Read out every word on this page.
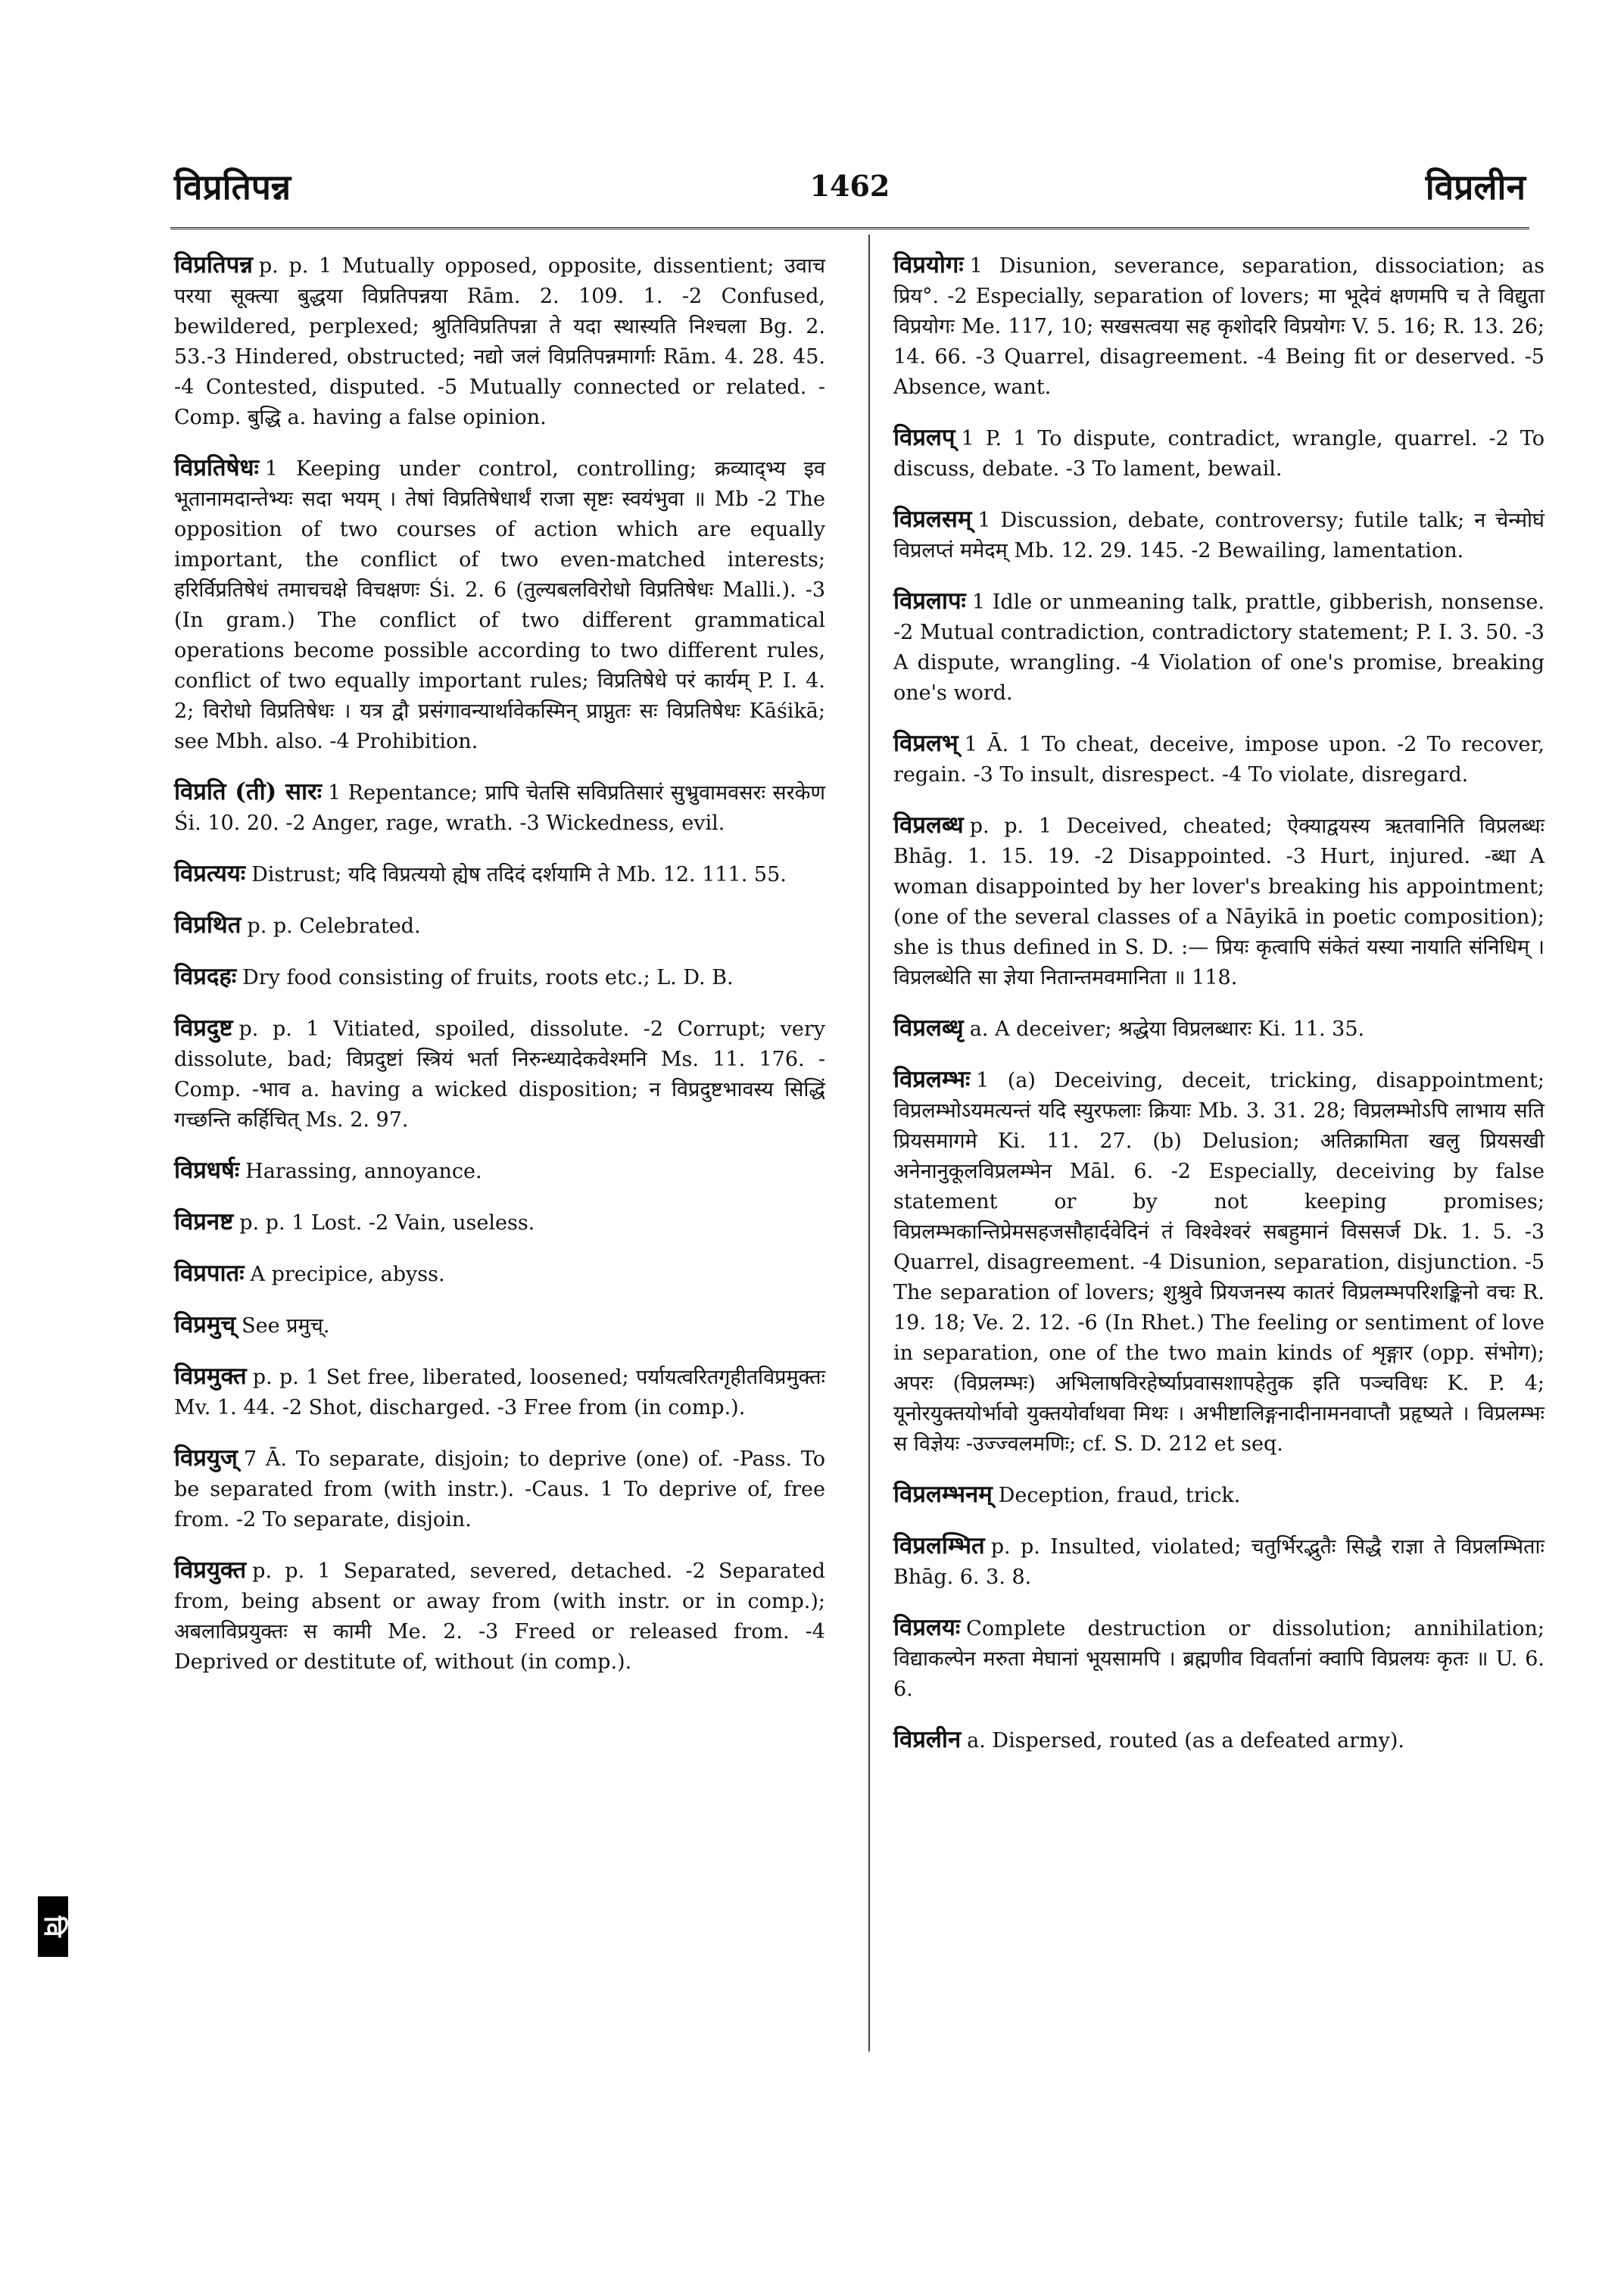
विप्रतिपन्न	1462	विप्रलीन

विप्रतिपन्न p. p. 1 Mutually opposed, opposite, dissentient; उवाच परया सूक्त्या बुद्धया विप्रतिपन्नया Rām. 2. 109. 1. -2 Confused, bewildered, perplexed; श्रुतिविप्रतिपन्ना ते यदा स्थास्यति निश्चला Bg. 2. 53.-3 Hindered, obstructed; नद्यो जलं विप्रतिपन्नमार्गाः Rām. 4. 28. 45. -4 Contested, disputed. -5 Mutually connected or related. -Comp. बुद्धि a. having a false opinion.

विप्रतिषेधः 1 Keeping under control, controlling; क्रव्याद्भ्य इव भूतानामदान्तेभ्यः सदा भयम् । तेषां विप्रतिषेधार्थं राजा सृष्टः स्वयंभुवा ॥ Mb -2 The opposition of two courses of action which are equally important, the conflict of two even-matched interests; हरिर्विप्रतिषेधं तमाचचक्षे विचक्षणः Śi. 2. 6 (तुल्यबलविरोधो विप्रतिषेधः Malli.). -3 (In gram.) The conflict of two different grammatical operations become possible according to two different rules, conflict of two equally important rules; विप्रतिषेधे परं कार्यम् P. I. 4. 2; विरोधो विप्रतिषेधः । यत्र द्वौ प्रसंगावन्यार्थावेकस्मिन् प्राप्नुतः सः विप्रतिषेधः Kāśikā; see Mbh. also. -4 Prohibition.

विप्रति (ती) सारः 1 Repentance; प्रापि चेतसि सविप्रतिसारं सुभ्रुवामवसरः सरकेण Śi. 10. 20. -2 Anger, rage, wrath. -3 Wickedness, evil.

विप्रत्ययः Distrust; यदि विप्रत्ययो ह्येष तदिदं दर्शयामि ते Mb. 12. 111. 55.

विप्रथित p. p. Celebrated.

विप्रदहः Dry food consisting of fruits, roots etc.; L. D. B.

विप्रदुष्ट p. p. 1 Vitiated, spoiled, dissolute. -2 Corrupt; very dissolute, bad; विप्रदुष्टां स्त्रियं भर्ता निरुन्ध्यादेकवेश्मनि Ms. 11. 176. -Comp. -भाव a. having a wicked disposition; न विप्रदुष्टभावस्य सिद्धिं गच्छन्ति कर्हिचित् Ms. 2. 97.

विप्रधर्षः Harassing, annoyance.

विप्रनष्ट p. p. 1 Lost. -2 Vain, useless.

विप्रपातः A precipice, abyss.

विप्रमुच् See प्रमुच्.

विप्रमुक्त p. p. 1 Set free, liberated, loosened; पर्यायत्वरितगृहीतविप्रमुक्तः Mv. 1. 44. -2 Shot, discharged. -3 Free from (in comp.).

विप्रयुज् 7 Ā. To separate, disjoin; to deprive (one) of. -Pass. To be separated from (with instr.). -Caus. 1 To deprive of, free from. -2 To separate, disjoin.

विप्रयुक्त p. p. 1 Separated, severed, detached. -2 Separated from, being absent or away from (with instr. or in comp.); अबलाविप्रयुक्तः स कामी Me. 2. -3 Freed or released from. -4 Deprived or destitute of, without (in comp.).

विप्रयोगः 1 Disunion, severance, separation, dissociation; as प्रिय°. -2 Especially, separation of lovers; मा भूदेवं क्षणमपि च ते विद्युता विप्रयोगः Me. 117, 10; सखसत्वया सह कृशोदरि विप्रयोगः V. 5. 16; R. 13. 26; 14. 66. -3 Quarrel, disagreement. -4 Being fit or deserved. -5 Absence, want.

विप्रलप् 1 P. 1 To dispute, contradict, wrangle, quarrel. -2 To discuss, debate. -3 To lament, bewail.

विप्रलसम् 1 Discussion, debate, controversy; futile talk; न चेन्मोघं विप्रलप्तं ममेदम् Mb. 12. 29. 145. -2 Bewailing, lamentation.

विप्रलापः 1 Idle or unmeaning talk, prattle, gibberish, nonsense. -2 Mutual contradiction, contradictory statement; P. I. 3. 50. -3 A dispute, wrangling. -4 Violation of one's promise, breaking one's word.

विप्रलभ् 1 Ā. 1 To cheat, deceive, impose upon. -2 To recover, regain. -3 To insult, disrespect. -4 To violate, disregard.

विप्रलब्ध p. p. 1 Deceived, cheated; ऐक्याद्वयस्य ऋतवानिति विप्रलब्धः Bhāg. 1. 15. 19. -2 Disappointed. -3 Hurt, injured. -ब्धा A woman disappointed by her lover's breaking his appointment; (one of the several classes of a Nāyikā in poetic composition); she is thus defined in S. D. :— प्रियः कृत्वापि संकेतं यस्या नायाति संनिधिम् । विप्रलब्धेति सा ज्ञेया नितान्तमवमानिता ॥ 118.

विप्रलब्धृ a. A deceiver; श्रद्धेया विप्रलब्धारः Ki. 11. 35.

विप्रलम्भः 1 (a) Deceiving, deceit, tricking, disappointment; विप्रलम्भोऽयमत्यन्तं यदि स्युरफलाः क्रियाः Mb. 3. 31. 28; विप्रलम्भोऽपि लाभाय सति प्रियसमागमे Ki. 11. 27. (b) Delusion; अतिक्रामिता खलु प्रियसखी अनेनानुकूलविप्रलम्भेन Māl. 6. -2 Especially, deceiving by false statement or by not keeping promises; विप्रलम्भकान्तिप्रेमसहजसौहार्दवेदिनं तं विश्वेश्वरं सबहुमानं विससर्ज Dk. 1. 5. -3 Quarrel, disagreement. -4 Disunion, separation, disjunction. -5 The separation of lovers; शुश्रुवे प्रियजनस्य कातरं विप्रलम्भपरिशङ्किनो वचः R. 19. 18; Ve. 2. 12. -6 (In Rhet.) The feeling or sentiment of love in separation, one of the two main kinds of शृङ्गार (opp. संभोग); अपरः (विप्रलम्भः) अभिलाषविरहेर्ष्याप्रवासशापहेतुक इति पञ्चविधः K. P. 4; यूनोरयुक्तयोर्भावो युक्तयोर्वाथवा मिथः । अभीष्टालिङ्गनादीनामनवाप्तौ प्रहृष्यते । विप्रलम्भः स विज्ञेयः -उज्ज्वलमणिः; cf. S. D. 212 et seq.

विप्रलम्भनम् Deception, fraud, trick.

विप्रलम्भित p. p. Insulted, violated; चतुर्भिरद्भुतैः सिद्धै राज्ञा ते विप्रलम्भिताः Bhāg. 6. 3. 8.

विप्रलयः Complete destruction or dissolution; annihilation; विद्याकल्पेन मरुता मेघानां भूयसामपि । ब्रह्मणीव विवर्तानां क्वापि विप्रलयः कृतः ॥ U. 6. 6.

विप्रलीन a. Dispersed, routed (as a defeated army).

वि
